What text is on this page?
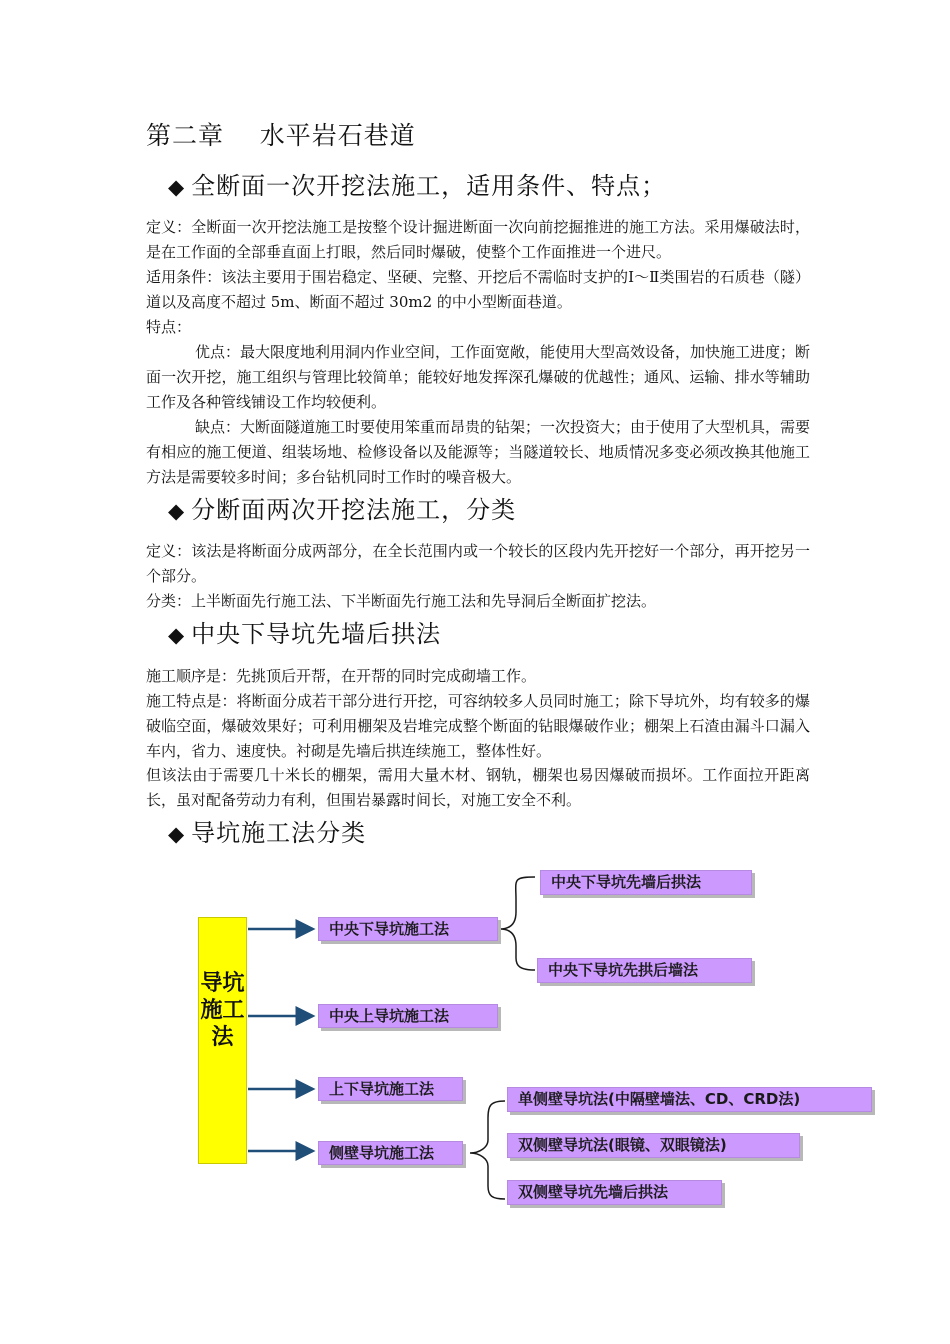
第二章    水平岩石巷道
◆ 全断面一次开挖法施工，适用条件、特点；
定义：全断面一次开挖法施工是按整个设计掘进断面一次向前挖掘推进的施工方法。采用爆破法时，是在工作面的全部垂直面上打眼，然后同时爆破，使整个工作面推进一个进尺。
适用条件：该法主要用于围岩稳定、坚硬、完整、开挖后不需临时支护的Ⅰ～Ⅱ类围岩的石质巷（隧）道以及高度不超过 5m、断面不超过 30m2 的中小型断面巷道。
特点：
优点：最大限度地利用洞内作业空间，工作面宽敞，能使用大型高效设备，加快施工进度；断面一次开挖，施工组织与管理比较简单；能较好地发挥深孔爆破的优越性；通风、运输、排水等辅助工作及各种管线铺设工作均较便利。
缺点：大断面隧道施工时要使用笨重而昂贵的钻架；一次投资大；由于使用了大型机具，需要有相应的施工便道、组装场地、检修设备以及能源等；当隧道较长、地质情况多变必须改换其他施工方法是需要较多时间；多台钻机同时工作时的噪音极大。
◆ 分断面两次开挖法施工，分类
定义：该法是将断面分成两部分，在全长范围内或一个较长的区段内先开挖好一个部分，再开挖另一个部分。
分类：上半断面先行施工法、下半断面先行施工法和先导洞后全断面扩挖法。
◆ 中央下导坑先墙后拱法
施工顺序是：先挑顶后开帮，在开帮的同时完成砌墙工作。
施工特点是：将断面分成若干部分进行开挖，可容纳较多人员同时施工；除下导坑外，均有较多的爆破临空面，爆破效果好；可利用棚架及岩堆完成整个断面的钻眼爆破作业；棚架上石渣由漏斗口漏入车内，省力、速度快。衬砌是先墙后拱连续施工，整体性好。
但该法由于需要几十米长的棚架，需用大量木材、钢轨，棚架也易因爆破而损坏。工作面拉开距离长，虽对配备劳动力有利，但围岩暴露时间长，对施工安全不利。
◆ 导坑施工法分类
导坑施工法
中央下导坑施工法
中央上导坑施工法
上下导坑施工法
侧壁导坑施工法
中央下导坑先墙后拱法
中央下导坑先拱后墙法
单侧壁导坑法(中隔壁墙法、CD、CRD法)
双侧壁导坑法(眼镜、双眼镜法)
双侧壁导坑先墙后拱法
